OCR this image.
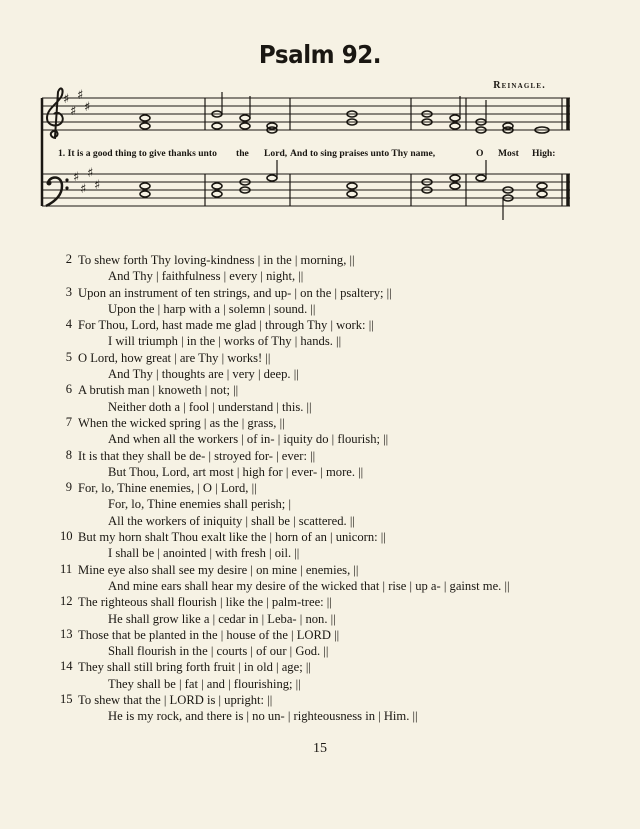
Psalm 92.
Reinagle.
♯
♯
♯
♯
♯
♯
♯
♯
1. It is a good thing to give thanks unto the Lord, And to sing praises unto Thy name,	O Most High:
2 To shew forth Thy loving-kindness | in the | morning, ||
And Thy | faithfulness | every | night, ||
3 Upon an instrument of ten strings, and up- | on the | psaltery; ||
Upon the | harp with a | solemn | sound. ||
4 For Thou, Lord, hast made me glad | through Thy | work: ||
I will triumph | in the | works of Thy | hands. ||
5 O Lord, how great | are Thy | works! ||
And Thy | thoughts are | very | deep. ||
6 A brutish man | knoweth | not; ||
Neither doth a | fool | understand | this. ||
7 When the wicked spring | as the | grass, ||
And when all the workers | of in- | iquity do | flourish; ||
8 It is that they shall be de- | stroyed for- | ever: ||
But Thou, Lord, art most | high for | ever- | more. ||
9 For, lo, Thine enemies, | O | Lord, ||
For, lo, Thine enemies shall perish; |
All the workers of iniquity | shall be | scattered. ||
10 But my horn shalt Thou exalt like the | horn of an | unicorn: ||
I shall be | anointed | with fresh | oil. ||
11 Mine eye also shall see my desire | on mine | enemies, ||
And mine ears shall hear my desire of the wicked that | rise | up a- | gainst me. ||
12 The righteous shall flourish | like the | palm-tree: ||
He shall grow like a | cedar in | Leba- | non. ||
13 Those that be planted in the | house of the | LORD ||
Shall flourish in the | courts | of our | God. ||
14 They shall still bring forth fruit | in old | age; ||
They shall be | fat | and | flourishing; ||
15 To shew that the | LORD is | upright: ||
He is my rock, and there is | no un- | righteousness in | Him. ||
15
